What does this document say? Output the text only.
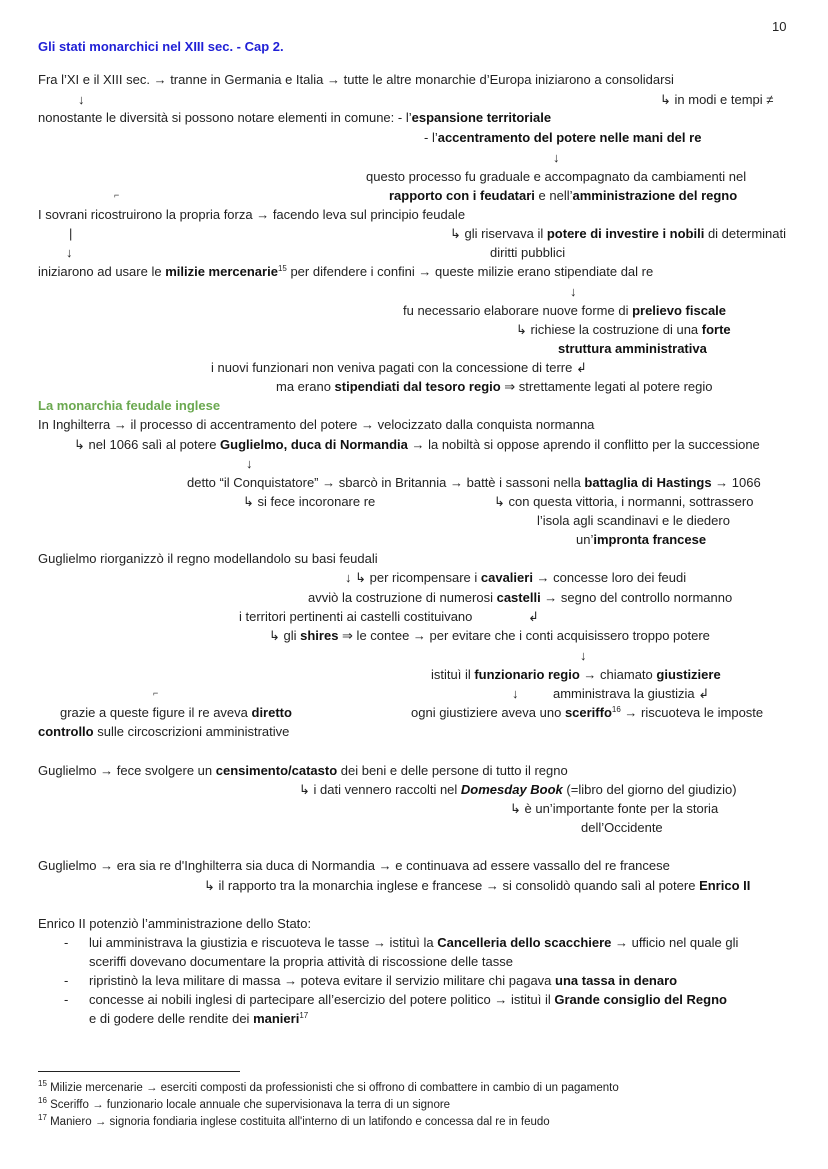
10
Gli stati monarchici nel XIII sec. - Cap 2.
Fra l’XI e il XIII sec. → tranne in Germania e Italia → tutte le altre monarchie d’Europa iniziarono a consolidarsi
↓	↳ in modi e tempi ≠
nonostante le diversità si possono notare elementi in comune: - l’espansione territoriale
- l’accentramento del potere nelle mani del re
↓
questo processo fu graduale e accompagnato da cambiamenti nel
rapporto con i feudatari e nell’amministrazione del regno
⌐
I sovrani ricostruirono la propria forza → facendo leva sul principio feudale
|	↳ gli riservava il potere di investire i nobili di determinati
↓	diritti pubblici
iniziarono ad usare le milizie mercenarie$^{15}$ per difendere i confini → queste milizie erano stipendiate dal re
↓
fu necessario elaborare nuove forme di prelievo fiscale
↳ richiese la costruzione di una forte
struttura amministrativa
i nuovi funzionari non veniva pagati con la concessione di terre ↲
ma erano stipendiati dal tesoro regio ⇒ strettamente legati al potere regio
La monarchia feudale inglese
In Inghilterra → il processo di accentramento del potere → velocizzato dalla conquista normanna
↳ nel 1066 salì al potere Guglielmo, duca di Normandia → la nobiltà si oppose aprendo il conflitto per la successione
↓
detto “il Conquistatore” → sbarcò in Britannia → battè i sassoni nella battaglia di Hastings → 1066
↳ si fece incoronare re	↳ con questa vittoria, i normanni, sottrassero
l’isola agli scandinavi e le diedero
un’impronta francese
Guglielmo riorganizzò il regno modellandolo su basi feudali
↓ ↳ per ricompensare i cavalieri → concesse loro dei feudi
avviò la costruzione di numerosi castelli → segno del controllo normanno
i territori pertinenti ai castelli costituivano	↲
↳ gli shires ⇒ le contee → per evitare che i conti acquisissero troppo potere
↓
istituì il funzionario regio → chiamato giustiziere
↓	amministrava la giustizia ↲
⌐
grazie a queste figure il re aveva diretto	ogni giustiziere aveva uno sceriffo$^{16}$ → riscuoteva le imposte
controllo sulle circoscrizioni amministrative
Guglielmo → fece svolgere un censimento/catasto dei beni e delle persone di tutto il regno
↳ i dati vennero raccolti nel Domesday Book (=libro del giorno del giudizio)
↳ è un’importante fonte per la storia
dell’Occidente
Guglielmo → era sia re d'Inghilterra sia duca di Normandia → e continuava ad essere vassallo del re francese
↳ il rapporto tra la monarchia inglese e francese → si consolidò quando salì al potere Enrico II
Enrico II potenziò l’amministrazione dello Stato:
- lui amministrava la giustizia e riscuoteva le tasse → istituì la Cancelleria dello scacchiere → ufficio nel quale gli
sceriffi dovevano documentare la propria attività di riscossione delle tasse
- ripristinò la leva militare di massa → poteva evitare il servizio militare chi pagava una tassa in denaro
- concesse ai nobili inglesi di partecipare all’esercizio del potere politico → istituì il Grande consiglio del Regno
e di godere delle rendite dei manieri$^{17}$
$^{15}$ Milizie mercenarie → eserciti composti da professionisti che si offrono di combattere in cambio di un pagamento
$^{16}$ Sceriffo → funzionario locale annuale che supervisionava la terra di un signore
$^{17}$ Maniero → signoria fondiaria inglese costituita all'interno di un latifondo e concessa dal re in feudo
